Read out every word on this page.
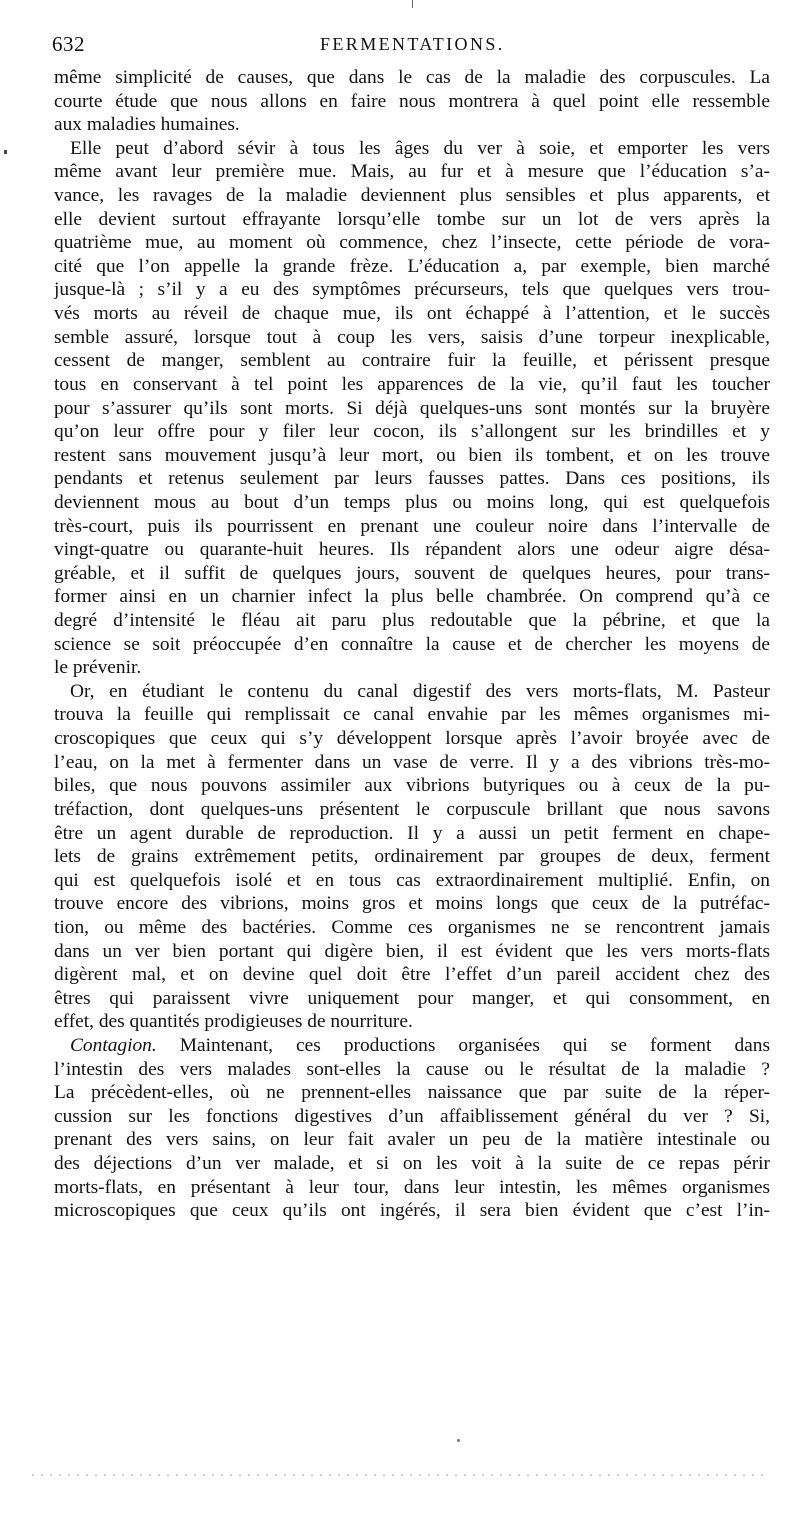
632	FERMENTATIONS.

même simplicité de causes, que dans le cas de la maladie des corpuscules. La
courte étude que nous allons en faire nous montrera à quel point elle ressemble
aux maladies humaines.

Elle peut d’abord sévir à tous les âges du ver à soie, et emporter les vers
même avant leur première mue. Mais, au fur et à mesure que l’éducation s’a-
vance, les ravages de la maladie deviennent plus sensibles et plus apparents, et
elle devient surtout effrayante lorsqu’elle tombe sur un lot de vers après la
quatrième mue, au moment où commence, chez l’insecte, cette période de vora-
cité que l’on appelle la grande frèze. L’éducation a, par exemple, bien marché
jusque-là ; s’il y a eu des symptômes précurseurs, tels que quelques vers trou-
vés morts au réveil de chaque mue, ils ont échappé à l’attention, et le succès
semble assuré, lorsque tout à coup les vers, saisis d’une torpeur inexplicable,
cessent de manger, semblent au contraire fuir la feuille, et périssent presque
tous en conservant à tel point les apparences de la vie, qu’il faut les toucher
pour s’assurer qu’ils sont morts. Si déjà quelques-uns sont montés sur la bruyère
qu’on leur offre pour y filer leur cocon, ils s’allongent sur les brindilles et y
restent sans mouvement jusqu’à leur mort, ou bien ils tombent, et on les trouve
pendants et retenus seulement par leurs fausses pattes. Dans ces positions, ils
deviennent mous au bout d’un temps plus ou moins long, qui est quelquefois
très-court, puis ils pourrissent en prenant une couleur noire dans l’intervalle de
vingt-quatre ou quarante-huit heures. Ils répandent alors une odeur aigre désa-
gréable, et il suffit de quelques jours, souvent de quelques heures, pour trans-
former ainsi en un charnier infect la plus belle chambrée. On comprend qu’à ce
degré d’intensité le fléau ait paru plus redoutable que la pébrine, et que la
science se soit préoccupée d’en connaître la cause et de chercher les moyens de
le prévenir.

Or, en étudiant le contenu du canal digestif des vers morts-flats, M. Pasteur
trouva la feuille qui remplissait ce canal envahie par les mêmes organismes mi-
croscopiques que ceux qui s’y développent lorsque après l’avoir broyée avec de
l’eau, on la met à fermenter dans un vase de verre. Il y a des vibrions très-mo-
biles, que nous pouvons assimiler aux vibrions butyriques ou à ceux de la pu-
tréfaction, dont quelques-uns présentent le corpuscule brillant que nous savons
être un agent durable de reproduction. Il y a aussi un petit ferment en chape-
lets de grains extrêmement petits, ordinairement par groupes de deux, ferment
qui est quelquefois isolé et en tous cas extraordinairement multiplié. Enfin, on
trouve encore des vibrions, moins gros et moins longs que ceux de la putréfac-
tion, ou même des bactéries. Comme ces organismes ne se rencontrent jamais
dans un ver bien portant qui digère bien, il est évident que les vers morts-flats
digèrent mal, et on devine quel doit être l’effet d’un pareil accident chez des
êtres qui paraissent vivre uniquement pour manger, et qui consomment, en
effet, des quantités prodigieuses de nourriture.

Contagion. Maintenant, ces productions organisées qui se forment dans
l’intestin des vers malades sont-elles la cause ou le résultat de la maladie ?
La précèdent-elles, où ne prennent-elles naissance que par suite de la réper-
cussion sur les fonctions digestives d’un affaiblissement général du ver ? Si,
prenant des vers sains, on leur fait avaler un peu de la matière intestinale ou
des déjections d’un ver malade, et si on les voit à la suite de ce repas périr
morts-flats, en présentant à leur tour, dans leur intestin, les mêmes organismes
microscopiques que ceux qu’ils ont ingérés, il sera bien évident que c’est l’in-
